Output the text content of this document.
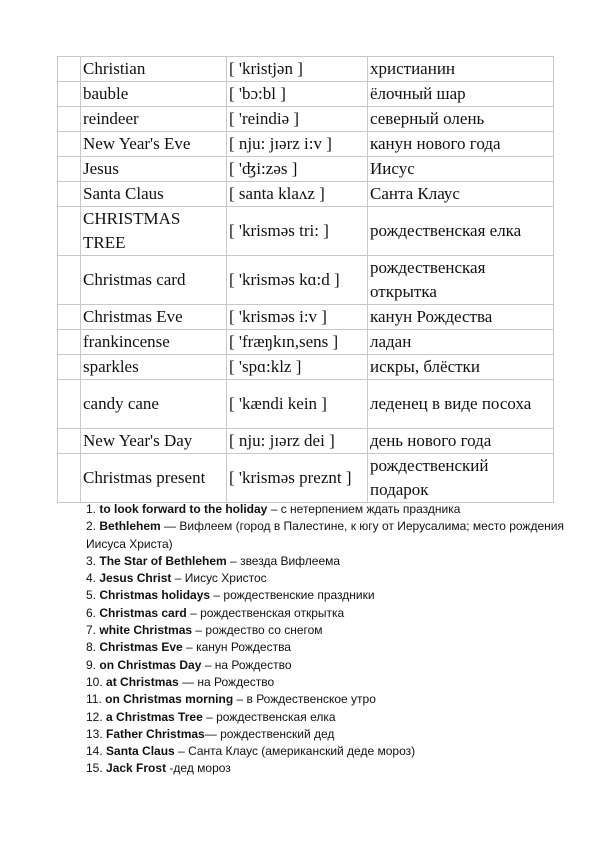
	Christian	[ 'kristjən ]	христианин
	bauble	[ 'bɔ:bl ]	ёлочный шар
	reindeer	[ 'reindiə ]	северный олень
	New Year's Eve	[ nju: jɪərz i:v ]	канун нового года
	Jesus	[ 'ʤi:zəs ]	Иисус
	Santa Claus	[ santa klaʌz ]	Санта Клаус
	CHRISTMAS TREE	[ 'krisməs tri: ]	рождественская елка
	Christmas card	[ 'krisməs kɑ:d ]	рождественская открытка
	Christmas Eve	[ 'krisməs i:v ]	канун Рождества
	frankincense	[ 'fræŋkɪn,sens ]	ладан
	sparkles	[ 'spɑ:klz ]	искры, блёстки
	candy cane	[ 'kændi kein ]	леденец в виде посоха
	New Year's Day	[ nju: jɪərz dei ]	день нового года
	Christmas present	[ 'krisməs preznt ]	рождественский подарок
1. to look forward to the holiday – с нетерпением ждать праздника
2. Bethlehem — Вифлеем (город в Палестине, к югу от Иерусалима; место рождения Иисуса Христа)
3. The Star of Bethlehem – звезда Вифлеема
4. Jesus Christ – Иисус Христос
5. Christmas holidays – рождественские праздники
6. Christmas card – рождественская открытка
7. white Christmas – рождество со снегом
8. Christmas Eve – канун Рождества
9. on Christmas Day – на Рождество
10. at Christmas — на Рождество
11. on Christmas morning – в Рождественское утро
12. a Christmas Tree – рождественская елка
13. Father Christmas— рождественский дед
14. Santa Claus – Санта Клаус (американский деде мороз)
15. Jack Frost -дед мороз
